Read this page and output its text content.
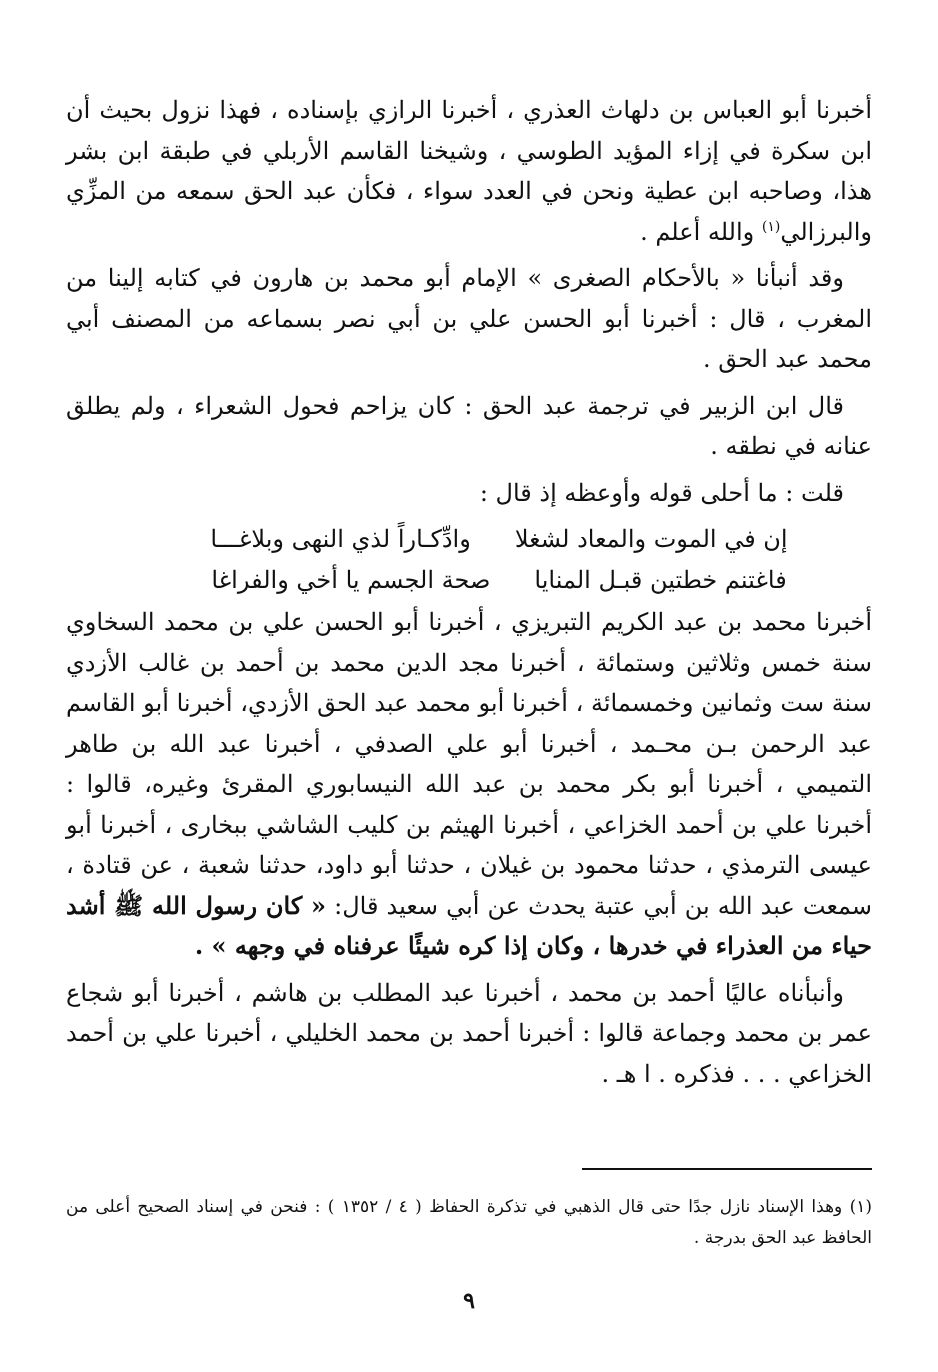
أخبرنا أبو العباس بن دلهاث العذري ، أخبرنا الرازي بإسناده ، فهذا نزول بحيث أن ابن سكرة في إزاء المؤيد الطوسي ، وشيخنا القاسم الأربلي في طبقة ابن بشر هذا، وصاحبه ابن عطية ونحن في العدد سواء ، فكأن عبد الحق سمعه من المزِّي والبرزالي$^{(١)}$ والله أعلم .

وقد أنبأنا « بالأحكام الصغرى » الإمام أبو محمد بن هارون في كتابه إلينا من المغرب ، قال : أخبرنا أبو الحسن علي بن أبي نصر بسماعه من المصنف أبي محمد عبد الحق .

قال ابن الزبير في ترجمة عبد الحق : كان يزاحم فحول الشعراء ، ولم يطلق عنانه في نطقه .

قلت : ما أحلى قوله وأوعظه إذ قال :

إن في الموت والمعاد لشغلا
وادِّكـاراً لذي النهى وبلاغـــا
فاغتنم خطتين قبـل المنايا
صحة الجسم يا أخي والفراغا

أخبرنا محمد بن عبد الكريم التبريزي ، أخبرنا أبو الحسن علي بن محمد السخاوي سنة خمس وثلاثين وستمائة ، أخبرنا مجد الدين محمد بن أحمد بن غالب الأزدي سنة ست وثمانين وخمسمائة ، أخبرنا أبو محمد عبد الحق الأزدي، أخبرنا أبو القاسم عبد الرحمن بـن محـمد ، أخبرنا أبو علي الصدفي ، أخبرنا عبد الله بن طاهر التميمي ، أخبرنا أبو بكر محمد بن عبد الله النيسابوري المقرئ وغيره، قالوا : أخبرنا علي بن أحمد الخزاعي ، أخبرنا الهيثم بن كليب الشاشي ببخارى ، أخبرنا أبو عيسى الترمذي ، حدثنا محمود بن غيلان ، حدثنا أبو داود، حدثنا شعبة ، عن قتادة ، سمعت عبد الله بن أبي عتبة يحدث عن أبي سعيد قال: « كان رسول الله ﷺ أشد حياء من العذراء في خدرها ، وكان إذا كره شيئًا عرفناه في وجهه » .

وأنبأناه عاليًا أحمد بن محمد ، أخبرنا عبد المطلب بن هاشم ، أخبرنا أبو شجاع عمر بن محمد وجماعة قالوا : أخبرنا أحمد بن محمد الخليلي ، أخبرنا علي بن أحمد الخزاعي . . . فذكره . ا هـ .

(١) وهذا الإسناد نازل جدًا حتى قال الذهبي في تذكرة الحفاظ ( ٤ / ١٣٥٢ ) : فنحن في إسناد الصحيح أعلى من الحافظ عبد الحق بدرجة .
٩
